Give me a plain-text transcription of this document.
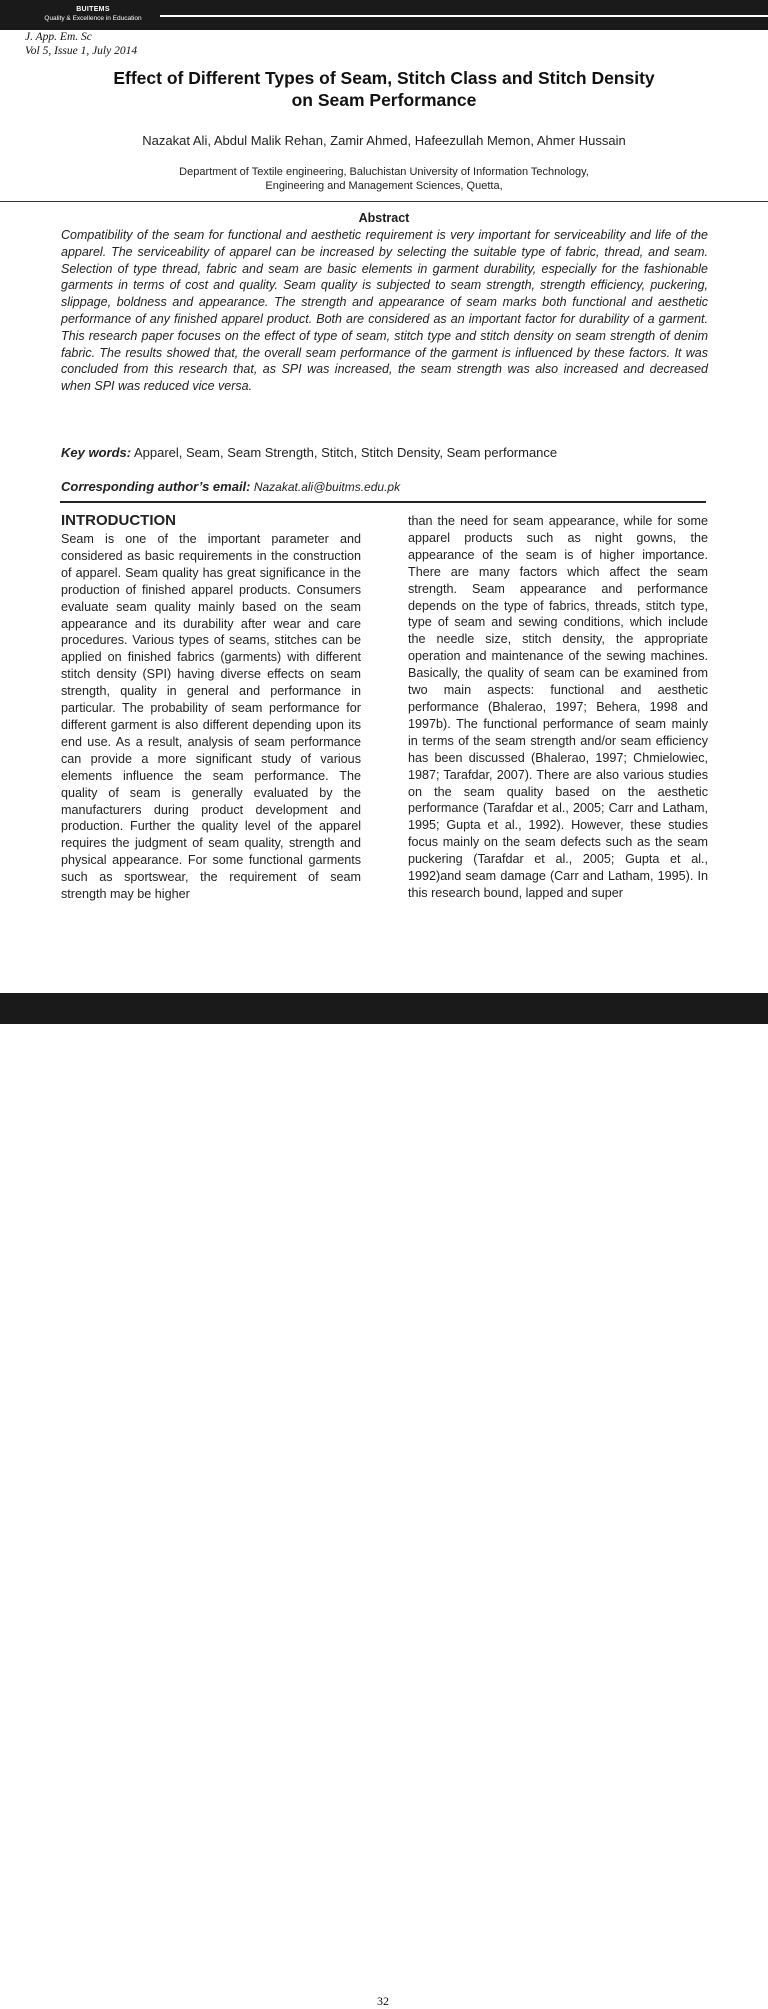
BUITEMS
Quality & Excellence in Education
J. App. Em. Sc
Vol 5, Issue 1, July 2014
Effect of Different Types of Seam, Stitch Class and Stitch Density
on Seam Performance
Nazakat Ali, Abdul Malik Rehan, Zamir Ahmed, Hafeezullah Memon, Ahmer Hussain
Department of Textile engineering, Baluchistan University of Information Technology,
Engineering and Management Sciences, Quetta,
Abstract
Compatibility of the seam for functional and aesthetic requirement is very important for serviceability and life of the apparel. The serviceability of apparel can be increased by selecting the suitable type of fabric, thread, and seam. Selection of type thread, fabric and seam are basic elements in garment durability, especially for the fashionable garments in terms of cost and quality. Seam quality is subjected to seam strength, strength efficiency, puckering, slippage, boldness and appearance. The strength and appearance of seam marks both functional and aesthetic performance of any finished apparel product. Both are considered as an important factor for durability of a garment. This research paper focuses on the effect of type of seam, stitch type and stitch density on seam strength of denim fabric. The results showed that, the overall seam performance of the garment is influenced by these factors. It was concluded from this research that, as SPI was increased, the seam strength was also increased and decreased when SPI was reduced vice versa.
Key words: Apparel, Seam, Seam Strength, Stitch, Stitch Density, Seam performance
Corresponding author’s email: Nazakat.ali@buitms.edu.pk
INTRODUCTION
Seam is one of the important parameter and considered as basic requirements in the construction of apparel. Seam quality has great significance in the production of finished apparel products. Consumers evaluate seam quality mainly based on the seam appearance and its durability after wear and care procedures. Various types of seams, stitches can be applied on finished fabrics (garments) with different stitch density (SPI) having diverse effects on seam strength, quality in general and performance in particular. The probability of seam performance for different garment is also different depending upon its end use. As a result, analysis of seam performance can provide a more significant study of various elements influence the seam performance. The quality of seam is generally evaluated by the manufacturers during product development and production. Further the quality level of the apparel requires the judgment of seam quality, strength and physical appearance. For some functional garments such as sportswear, the requirement of seam strength may be higher
than the need for seam appearance, while for some apparel products such as night gowns, the appearance of the seam is of higher importance. There are many factors which affect the seam strength. Seam appearance and performance depends on the type of fabrics, threads, stitch type, type of seam and sewing conditions, which include the needle size, stitch density, the appropriate operation and maintenance of the sewing machines. Basically, the quality of seam can be examined from two main aspects: functional and aesthetic performance (Bhalerao, 1997; Behera, 1998 and 1997b). The functional performance of seam mainly in terms of the seam strength and/or seam efficiency has been discussed (Bhalerao, 1997; Chmielowiec, 1987; Tarafdar, 2007). There are also various studies on the seam quality based on the aesthetic performance (Tarafdar et al., 2005; Carr and Latham, 1995; Gupta et al., 1992). However, these studies focus mainly on the seam defects such as the seam puckering (Tarafdar et al., 2005; Gupta et al., 1992)and seam damage (Carr and Latham, 1995). In this research bound, lapped and super
32
